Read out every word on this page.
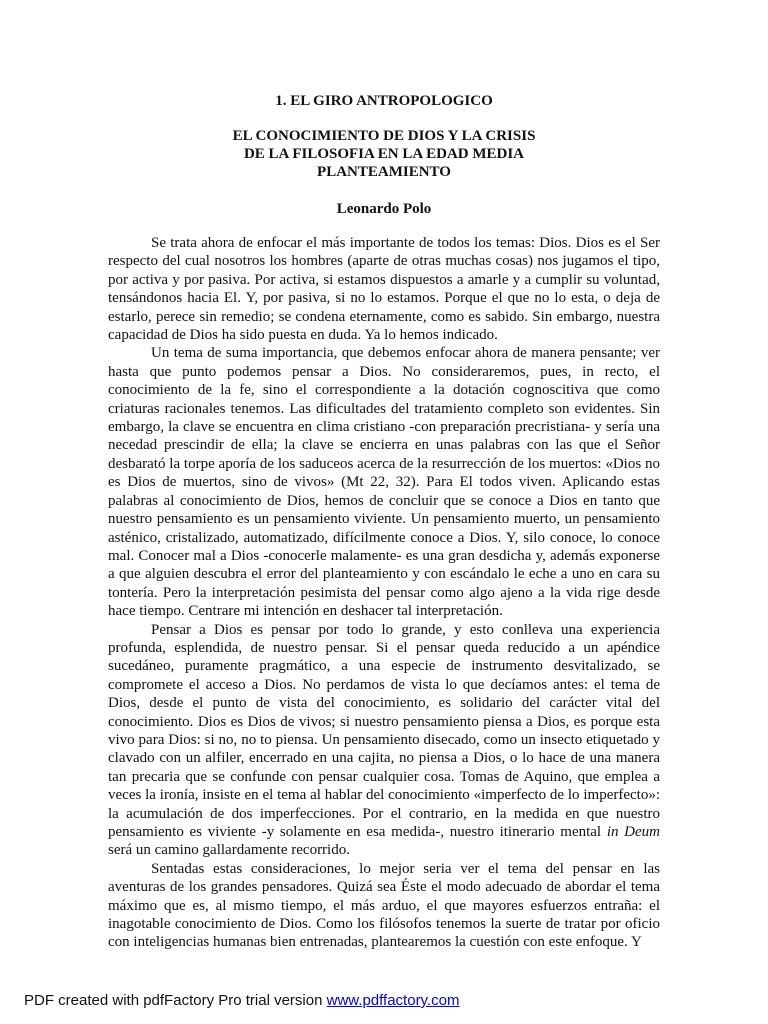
1. EL GIRO ANTROPOLOGICO
EL CONOCIMIENTO DE DIOS Y LA CRISIS
DE LA FILOSOFIA EN LA EDAD MEDIA
PLANTEAMIENTO
Leonardo Polo

Se trata ahora de enfocar el más importante de todos los temas: Dios. Dios es el Ser respecto del cual nosotros los hombres (aparte de otras muchas cosas) nos jugamos el tipo, por activa y por pasiva. Por activa, si estamos dispuestos a amarle y a cumplir su voluntad, tensándonos hacia El. Y, por pasiva, si no lo estamos. Porque el que no lo esta, o deja de estarlo, perece sin remedio; se condena eternamente, como es sabido. Sin embargo, nuestra capacidad de Dios ha sido puesta en duda. Ya lo hemos indicado.

Un tema de suma importancia, que debemos enfocar ahora de manera pensante; ver hasta que punto podemos pensar a Dios. No consideraremos, pues, in recto, el conocimiento de la fe, sino el correspondiente a la dotación cognoscitiva que como criaturas racionales tenemos. Las dificultades del tratamiento completo son evidentes. Sin embargo, la clave se encuentra en clima cristiano -con preparación precristiana- y sería una necedad prescindir de ella; la clave se encierra en unas palabras con las que el Señor desbarató la torpe aporía de los saduceos acerca de la resurrección de los muertos: «Dios no es Dios de muertos, sino de vivos» (Mt 22, 32). Para El todos viven. Aplicando estas palabras al conocimiento de Dios, hemos de concluir que se conoce a Dios en tanto que nuestro pensamiento es un pensamiento viviente. Un pensamiento muerto, un pensamiento asténico, cristalizado, automatizado, difícilmente conoce a Dios. Y, silo conoce, lo conoce mal. Conocer mal a Dios -conocerle malamente- es una gran desdicha y, además exponerse a que alguien descubra el error del planteamiento y con escándalo le eche a uno en cara su tontería. Pero la interpretación pesimista del pensar como algo ajeno a la vida rige desde hace tiempo. Centrare mi intención en deshacer tal interpretación.

Pensar a Dios es pensar por todo lo grande, y esto conlleva una experiencia profunda, esplendida, de nuestro pensar. Si el pensar queda reducido a un apéndice sucedáneo, puramente pragmático, a una especie de instrumento desvitalizado, se compromete el acceso a Dios. No perdamos de vista lo que decíamos antes: el tema de Dios, desde el punto de vista del conocimiento, es solidario del carácter vital del conocimiento. Dios es Dios de vivos; si nuestro pensamiento piensa a Dios, es porque esta vivo para Dios: si no, no to piensa. Un pensamiento disecado, como un insecto etiquetado y clavado con un alfiler, encerrado en una cajita, no piensa a Dios, o lo hace de una manera tan precaria que se confunde con pensar cualquier cosa. Tomas de Aquino, que emplea a veces la ironía, insiste en el tema al hablar del conocimiento «imperfecto de lo imperfecto»: la acumulación de dos imperfecciones. Por el contrario, en la medida en que nuestro pensamiento es viviente -y solamente en esa medida-, nuestro itinerario mental in Deum será un camino gallardamente recorrido.

Sentadas estas consideraciones, lo mejor seria ver el tema del pensar en las aventuras de los grandes pensadores. Quizá sea Éste el modo adecuado de abordar el tema máximo que es, al mismo tiempo, el más arduo, el que mayores esfuerzos entraña: el inagotable conocimiento de Dios. Como los filósofos tenemos la suerte de tratar por oficio con inteligencias humanas bien entrenadas, plantearemos la cuestión con este enfoque. Y

PDF created with pdfFactory Pro trial version www.pdffactory.com
